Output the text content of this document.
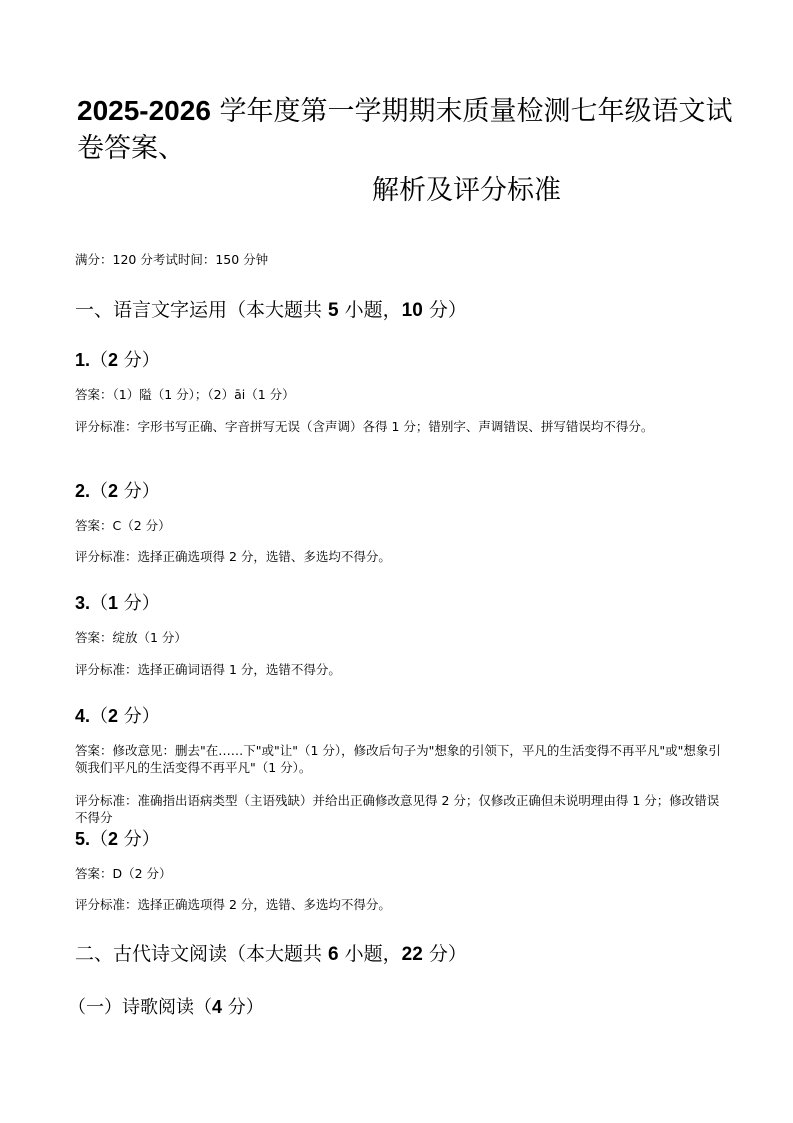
2025-2026 学年度第一学期期末质量检测七年级语文试卷答案、
解析及评分标准
满分：120 分考试时间：150 分钟
一、语言文字运用（本大题共 5 小题，10 分）
1.（2 分）
答案：（1）隘（1 分）；（2）āi（1 分）
评分标准：字形书写正确、字音拼写无误（含声调）各得 1 分；错别字、声调错误、拼写错误均不得分。
2.（2 分）
答案：C（2 分）
评分标准：选择正确选项得 2 分，选错、多选均不得分。
3.（1 分）
答案：绽放（1 分）
评分标准：选择正确词语得 1 分，选错不得分。
4.（2 分）
答案：修改意见：删去"在……下"或"让"（1 分），修改后句子为"想象的引领下，平凡的生活变得不再平凡"或"想象引领我们平凡的生活变得不再平凡"（1 分）。
评分标准：准确指出语病类型（主语残缺）并给出正确修改意见得 2 分；仅修改正确但未说明理由得 1 分；修改错误不得分
5.（2 分）
答案：D（2 分）
评分标准：选择正确选项得 2 分，选错、多选均不得分。
二、古代诗文阅读（本大题共 6 小题，22 分）
（一）诗歌阅读（4 分）
